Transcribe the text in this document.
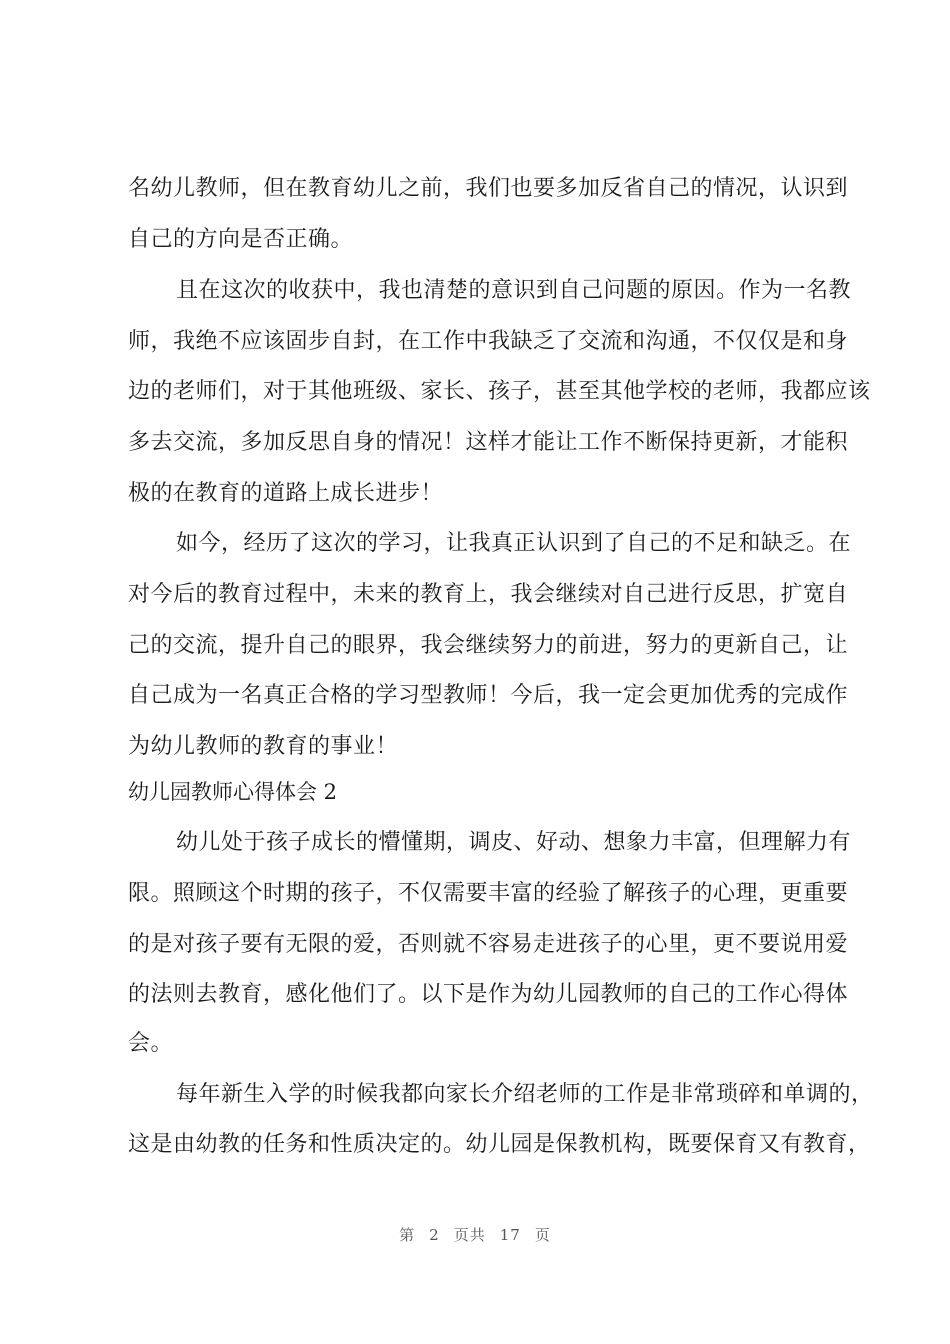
名幼儿教师，但在教育幼儿之前，我们也要多加反省自己的情况，认识到
自己的方向是否正确。
且在这次的收获中，我也清楚的意识到自己问题的原因。作为一名教
师，我绝不应该固步自封，在工作中我缺乏了交流和沟通，不仅仅是和身
边的老师们，对于其他班级、家长、孩子，甚至其他学校的老师，我都应该
多去交流，多加反思自身的情况！这样才能让工作不断保持更新，才能积
极的在教育的道路上成长进步！
如今，经历了这次的学习，让我真正认识到了自己的不足和缺乏。在
对今后的教育过程中，未来的教育上，我会继续对自己进行反思，扩宽自
己的交流，提升自己的眼界，我会继续努力的前进，努力的更新自己，让
自己成为一名真正合格的学习型教师！今后，我一定会更加优秀的完成作
为幼儿教师的教育的事业！
幼儿园教师心得体会 2
幼儿处于孩子成长的懵懂期，调皮、好动、想象力丰富，但理解力有
限。照顾这个时期的孩子，不仅需要丰富的经验了解孩子的心理，更重要
的是对孩子要有无限的爱，否则就不容易走进孩子的心里，更不要说用爱
的法则去教育，感化他们了。以下是作为幼儿园教师的自己的工作心得体
会。
每年新生入学的时候我都向家长介绍老师的工作是非常琐碎和单调的，
这是由幼教的任务和性质决定的。幼儿园是保教机构，既要保育又有教育，
第 2 页共 17 页
